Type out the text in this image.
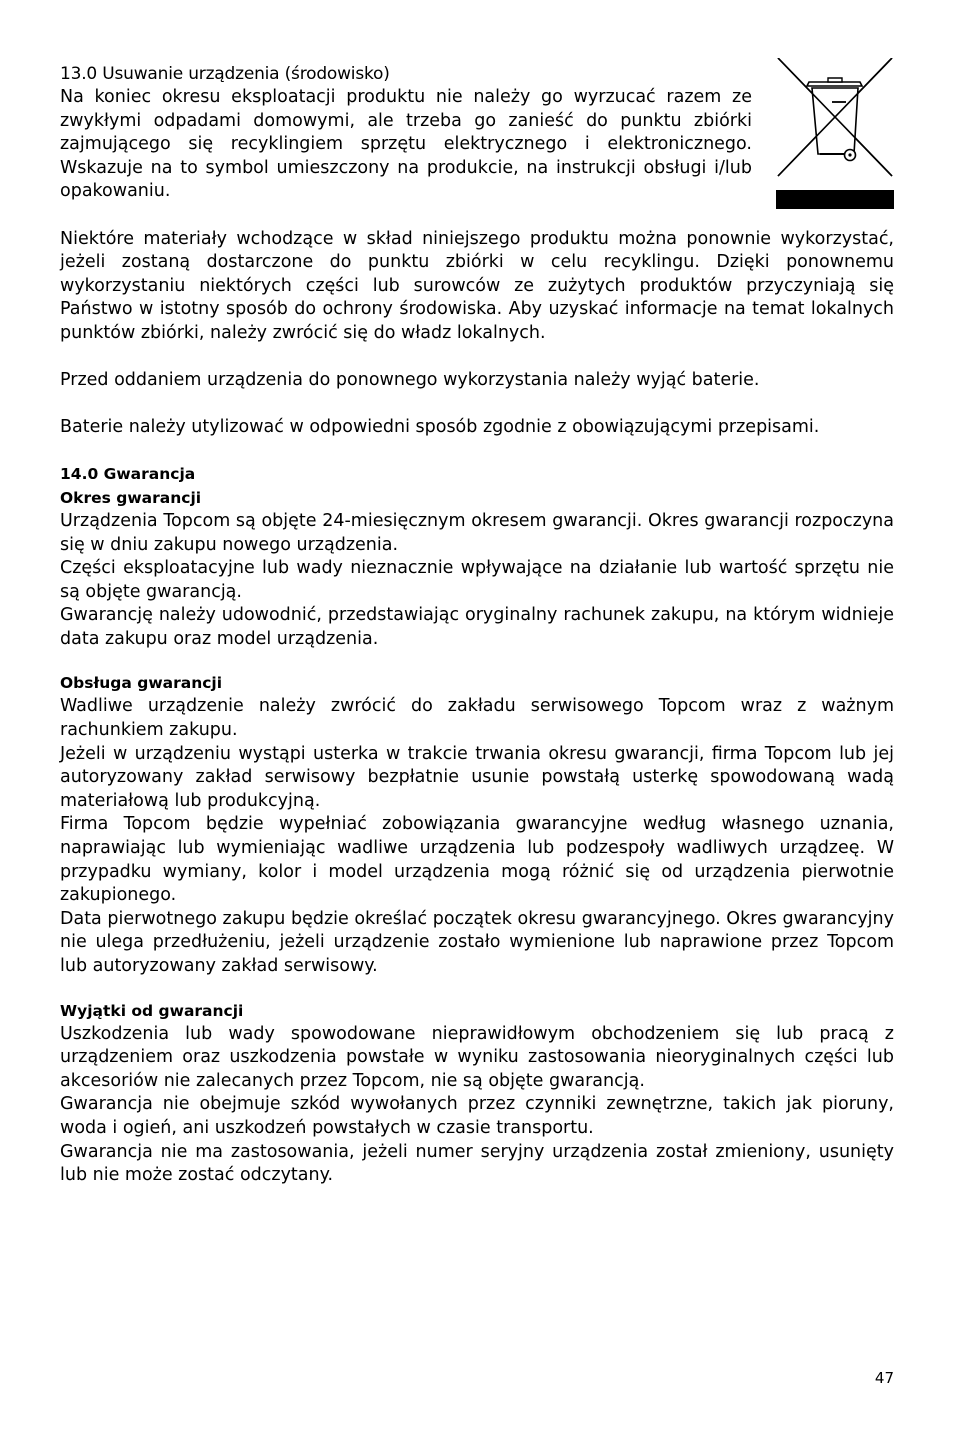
13.0 Usuwanie urządzenia (środowisko)

Na koniec okresu eksploatacji produktu nie należy go wyrzucać razem ze zwykłymi odpadami domowymi, ale trzeba go zanieść do punktu zbiórki zajmującego się recyklingiem sprzętu elektrycznego i elektronicznego. Wskazuje na to symbol umieszczony na produkcie, na instrukcji obsługi i/lub opakowaniu.

Niektóre materiały wchodzące w skład niniejszego produktu można ponownie wykorzystać, jeżeli zostaną dostarczone do punktu zbiórki w celu recyklingu. Dzięki ponownemu wykorzystaniu niektórych części lub surowców ze zużytych produktów przyczyniają się Państwo w istotny sposób do ochrony środowiska. Aby uzyskać informacje na temat lokalnych punktów zbiórki, należy zwrócić się do władz lokalnych.

Przed oddaniem urządzenia do ponownego wykorzystania należy wyjąć baterie.

Baterie należy utylizować w odpowiedni sposób zgodnie z obowiązującymi przepisami.

14.0 Gwarancja
Okres gwarancji

Urządzenia Topcom są objęte 24-miesięcznym okresem gwarancji. Okres gwarancji rozpoczyna się w dniu zakupu nowego urządzenia.

Części eksploatacyjne lub wady nieznacznie wpływające na działanie lub wartość sprzętu nie są objęte gwarancją.

Gwarancję należy udowodnić, przedstawiając oryginalny rachunek zakupu, na którym widnieje data zakupu oraz model urządzenia.

Obsługa gwarancji

Wadliwe urządzenie należy zwrócić do zakładu serwisowego Topcom wraz z ważnym rachunkiem zakupu.

Jeżeli w urządzeniu wystąpi usterka w trakcie trwania okresu gwarancji, firma Topcom lub jej autoryzowany zakład serwisowy bezpłatnie usunie powstałą usterkę spowodowaną wadą materiałową lub produkcyjną.

Firma Topcom będzie wypełniać zobowiązania gwarancyjne według własnego uznania, naprawiając lub wymieniając wadliwe urządzenia lub podzespoły wadliwych urządzeę. W przypadku wymiany, kolor i model urządzenia mogą różnić się od urządzenia pierwotnie zakupionego.

Data pierwotnego zakupu będzie określać początek okresu gwarancyjnego. Okres gwarancyjny nie ulega przedłużeniu, jeżeli urządzenie zostało wymienione lub naprawione przez Topcom lub autoryzowany zakład serwisowy.

Wyjątki od gwarancji

Uszkodzenia lub wady spowodowane nieprawidłowym obchodzeniem się lub pracą z urządzeniem oraz uszkodzenia powstałe w wyniku zastosowania nieoryginalnych części lub akcesoriów nie zalecanych przez Topcom, nie są objęte gwarancją.

Gwarancja nie obejmuje szkód wywołanych przez czynniki zewnętrzne, takich jak pioruny, woda i ogień, ani uszkodzeń powstałych w czasie transportu.

Gwarancja nie ma zastosowania, jeżeli numer seryjny urządzenia został zmieniony, usunięty lub nie może zostać odczytany.

47
